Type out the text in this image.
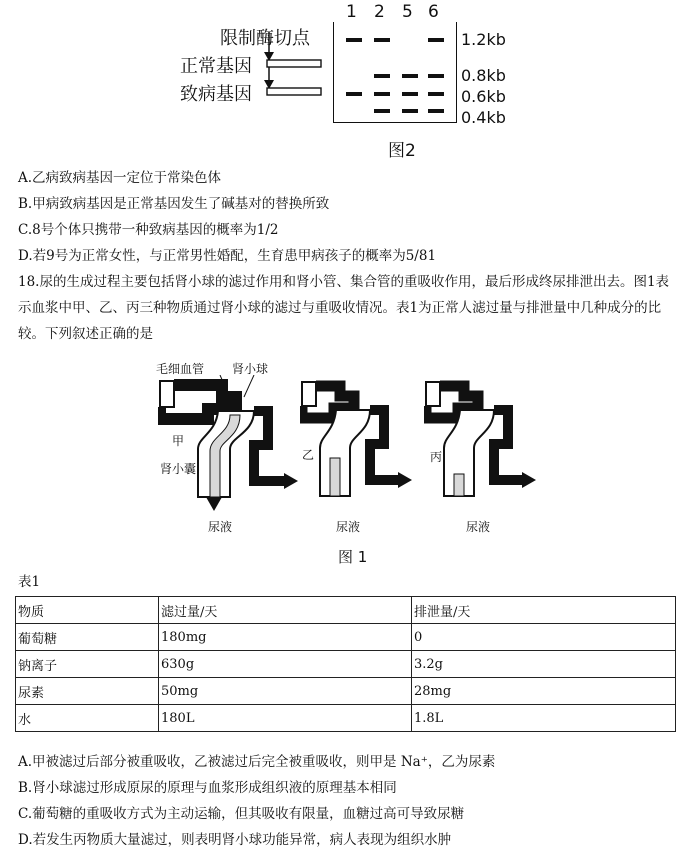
1 2 5 6
限制酶切点
正常基因
致病基因
1.2kb
0.8kb
0.6kb
0.4kb
图2
A.乙病致病基因一定位于常染色体
B.甲病致病基因是正常基因发生了碱基对的替换所致
C.8号个体只携带一种致病基因的概率为1/2
D.若9号为正常女性，与正常男性婚配，生育患甲病孩子的概率为5/81
18.尿的生成过程主要包括肾小球的滤过作用和肾小管、集合管的重吸收作用，最后形成终尿排泄出去。图1表示血浆中甲、乙、丙三种物质通过肾小球的滤过与重吸收情况。表1为正常人滤过量与排泄量中几种成分的比较。下列叙述正确的是
毛细血管 肾小球
甲
肾小囊
尿液
乙
尿液
丙
尿液
图 1
表1
物质	滤过量/天	排泄量/天
葡萄糖	180mg	0
钠离子	630g	3.2g
尿素	50mg	28mg
水	180L	1.8L
A.甲被滤过后部分被重吸收，乙被滤过后完全被重吸收，则甲是 Na⁺，乙为尿素
B.肾小球滤过形成原尿的原理与血浆形成组织液的原理基本相同
C.葡萄糖的重吸收方式为主动运输，但其吸收有限量，血糖过高可导致尿糖
D.若发生丙物质大量滤过，则表明肾小球功能异常，病人表现为组织水肿
